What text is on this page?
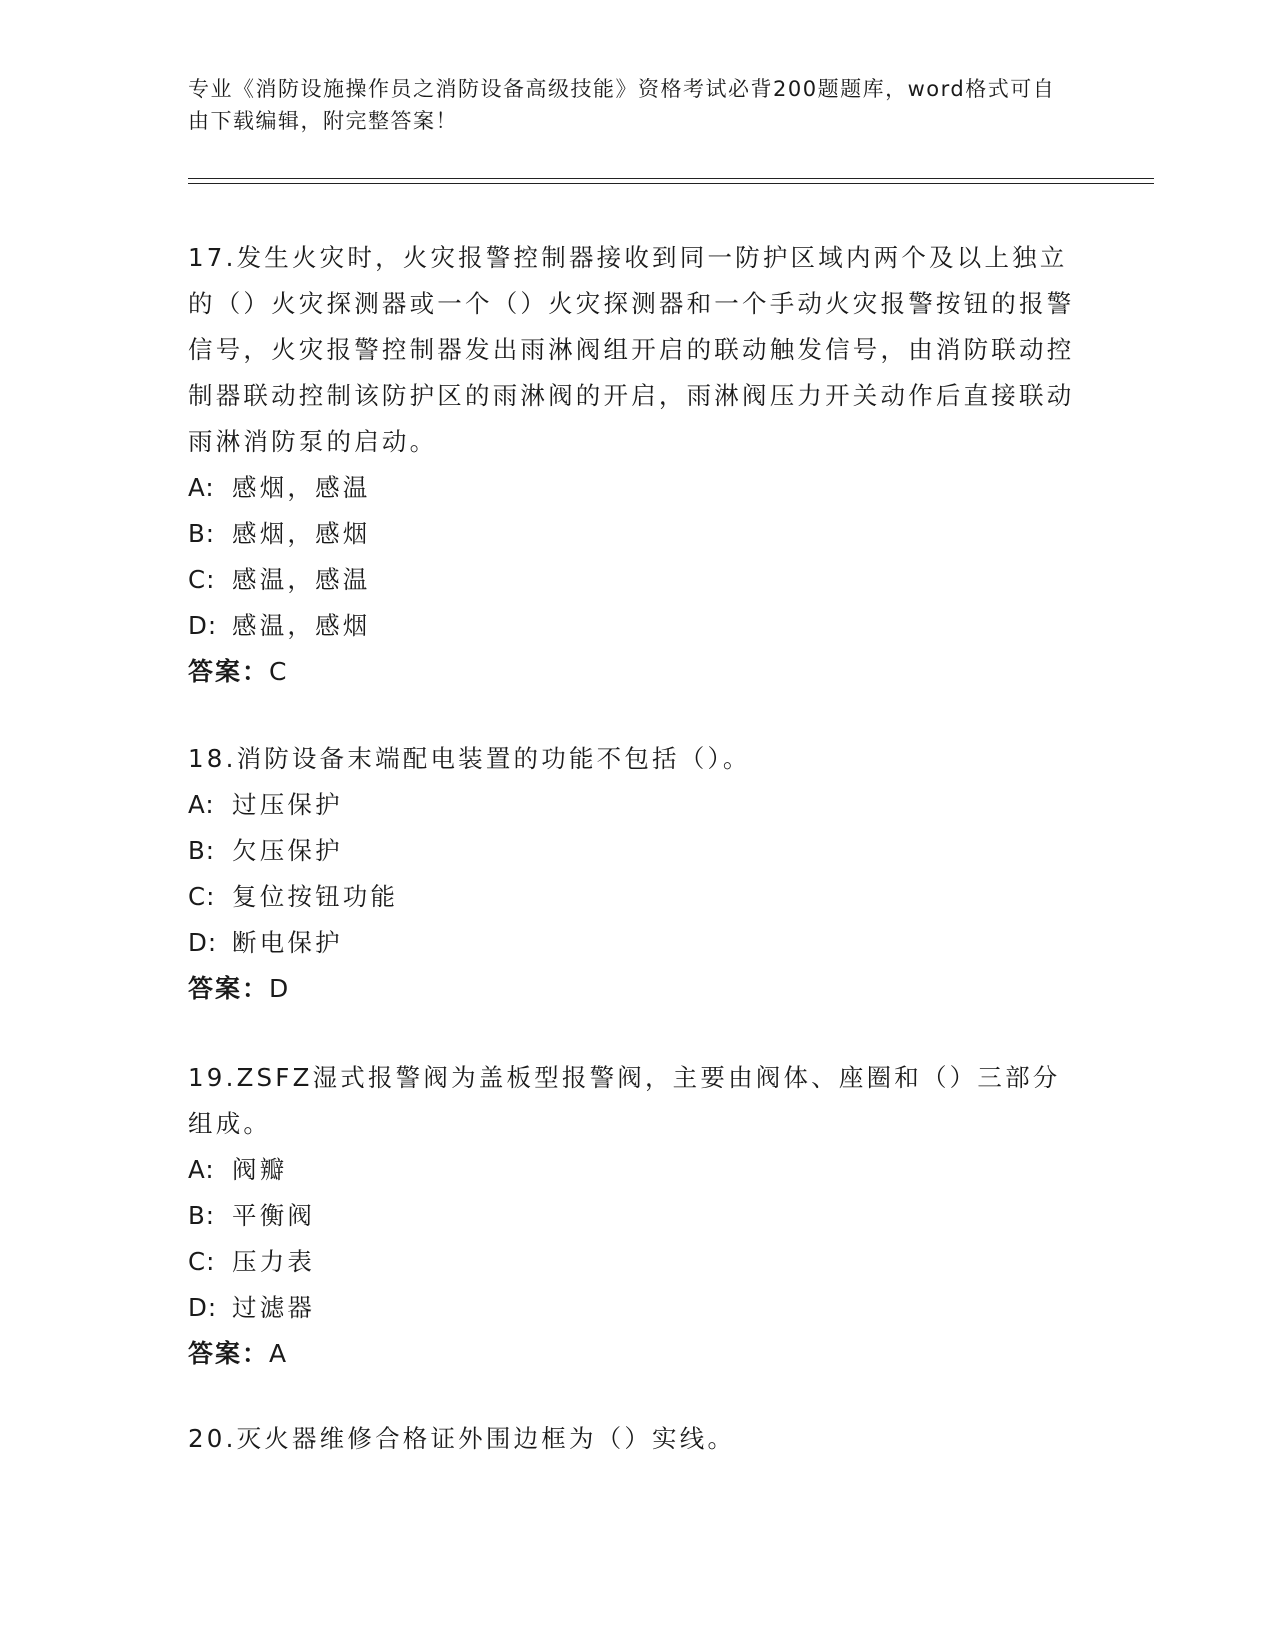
专业《消防设施操作员之消防设备高级技能》资格考试必背200题题库，word格式可自由下载编辑，附完整答案！

17.发生火灾时，火灾报警控制器接收到同一防护区域内两个及以上独立的（）火灾探测器或一个（）火灾探测器和一个手动火灾报警按钮的报警信号，火灾报警控制器发出雨淋阀组开启的联动触发信号，由消防联动控制器联动控制该防护区的雨淋阀的开启，雨淋阀压力开关动作后直接联动雨淋消防泵的启动。

A: 感烟，感温

B: 感烟，感烟

C: 感温，感温

D: 感温，感烟

答案：C

18.消防设备末端配电装置的功能不包括（）。

A: 过压保护

B: 欠压保护

C: 复位按钮功能

D: 断电保护

答案：D

19.ZSFZ湿式报警阀为盖板型报警阀，主要由阀体、座圈和（）三部分组成。

A: 阀瓣

B: 平衡阀

C: 压力表

D: 过滤器

答案：A

20.灭火器维修合格证外围边框为（）实线。
